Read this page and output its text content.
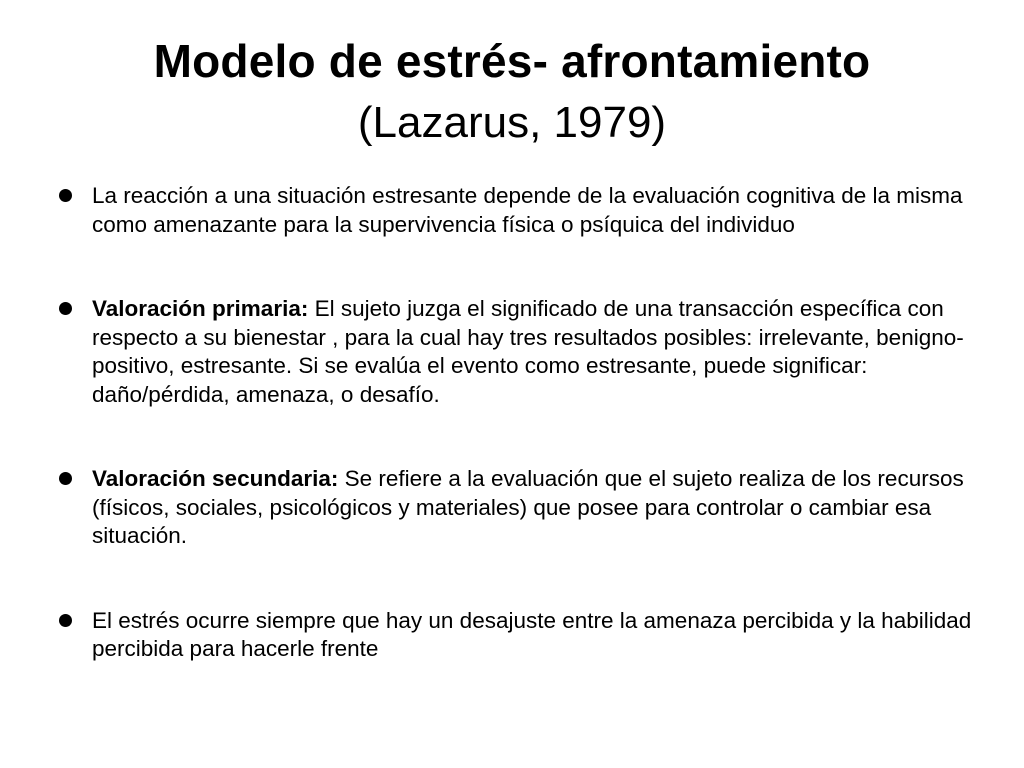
Modelo de estrés- afrontamiento
(Lazarus, 1979)
La reacción a una situación estresante depende de la evaluación cognitiva de la misma como amenazante para la supervivencia física o psíquica del individuo
Valoración primaria: El sujeto juzga el significado de una transacción específica con respecto a su bienestar , para la cual hay tres resultados posibles: irrelevante, benigno- positivo, estresante. Si se evalúa el evento como estresante, puede significar: daño/pérdida, amenaza, o desafío.
Valoración secundaria: Se refiere a la evaluación que el sujeto realiza de los recursos (físicos, sociales, psicológicos y materiales) que posee para controlar o cambiar esa situación.
El estrés ocurre siempre que hay un desajuste entre la amenaza percibida y la habilidad percibida para hacerle frente
